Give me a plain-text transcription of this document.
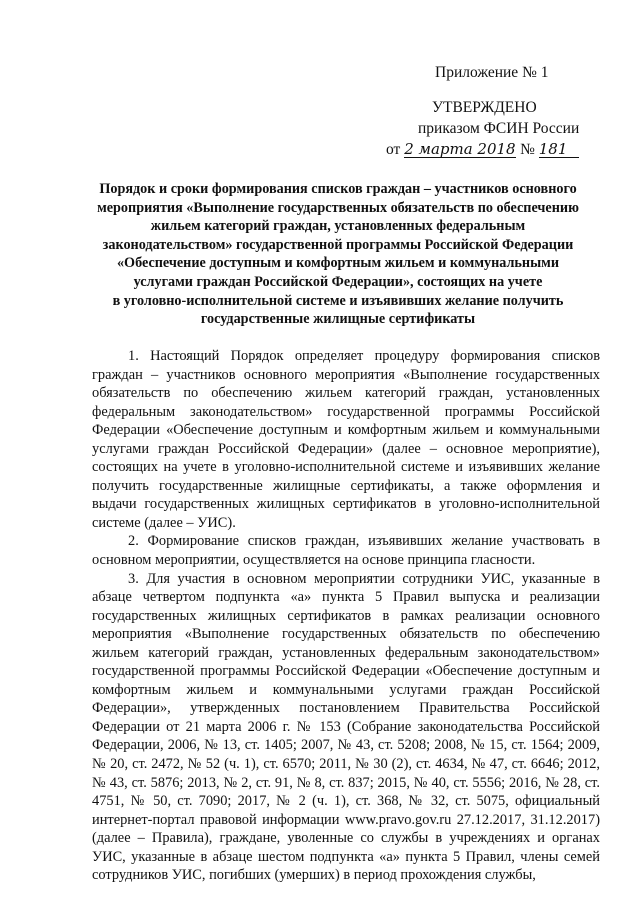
Приложение № 1
УТВЕРЖДЕНО
приказом ФСИН России
от 2 марта 2018 № 181
Порядок и сроки формирования списков граждан – участников основного
мероприятия «Выполнение государственных обязательств по обеспечению
жильем категорий граждан, установленных федеральным
законодательством» государственной программы Российской Федерации
«Обеспечение доступным и комфортным жильем и коммунальными
услугами граждан Российской Федерации», состоящих на учете
в уголовно-исполнительной системе и изъявивших желание получить
государственные жилищные сертификаты

1. Настоящий Порядок определяет процедуру формирования списков граждан – участников основного мероприятия «Выполнение государственных обязательств по обеспечению жильем категорий граждан, установленных федеральным законодательством» государственной программы Российской Федерации «Обеспечение доступным и комфортным жильем и коммунальными услугами граждан Российской Федерации» (далее – основное мероприятие), состоящих на учете в уголовно-исполнительной системе и изъявивших желание получить государственные жилищные сертификаты, а также оформления и выдачи государственных жилищных сертификатов в уголовно-исполнительной системе (далее – УИС).

2. Формирование списков граждан, изъявивших желание участвовать в основном мероприятии, осуществляется на основе принципа гласности.

3. Для участия в основном мероприятии сотрудники УИС, указанные в абзаце четвертом подпункта «а» пункта 5 Правил выпуска и реализации государственных жилищных сертификатов в рамках реализации основного мероприятия «Выполнение государственных обязательств по обеспечению жильем категорий граждан, установленных федеральным законодательством» государственной программы Российской Федерации «Обеспечение доступным и комфортным жильем и коммунальными услугами граждан Российской Федерации», утвержденных постановлением Правительства Российской Федерации от 21 марта 2006 г. № 153 (Собрание законодательства Российской Федерации, 2006, № 13, ст. 1405; 2007, № 43, ст. 5208; 2008, № 15, ст. 1564; 2009, № 20, ст. 2472, № 52 (ч. 1), ст. 6570; 2011, № 30 (2), ст. 4634, № 47, ст. 6646; 2012, № 43, ст. 5876; 2013, № 2, ст. 91, № 8, ст. 837; 2015, № 40, ст. 5556; 2016, № 28, ст. 4751, № 50, ст. 7090; 2017, № 2 (ч. 1), ст. 368, № 32, ст. 5075, официальный интернет-портал правовой информации www.pravo.gov.ru 27.12.2017, 31.12.2017) (далее – Правила), граждане, уволенные со службы в учреждениях и органах УИС, указанные в абзаце шестом подпункта «а» пункта 5 Правил, члены семей сотрудников УИС, погибших (умерших) в период прохождения службы,
